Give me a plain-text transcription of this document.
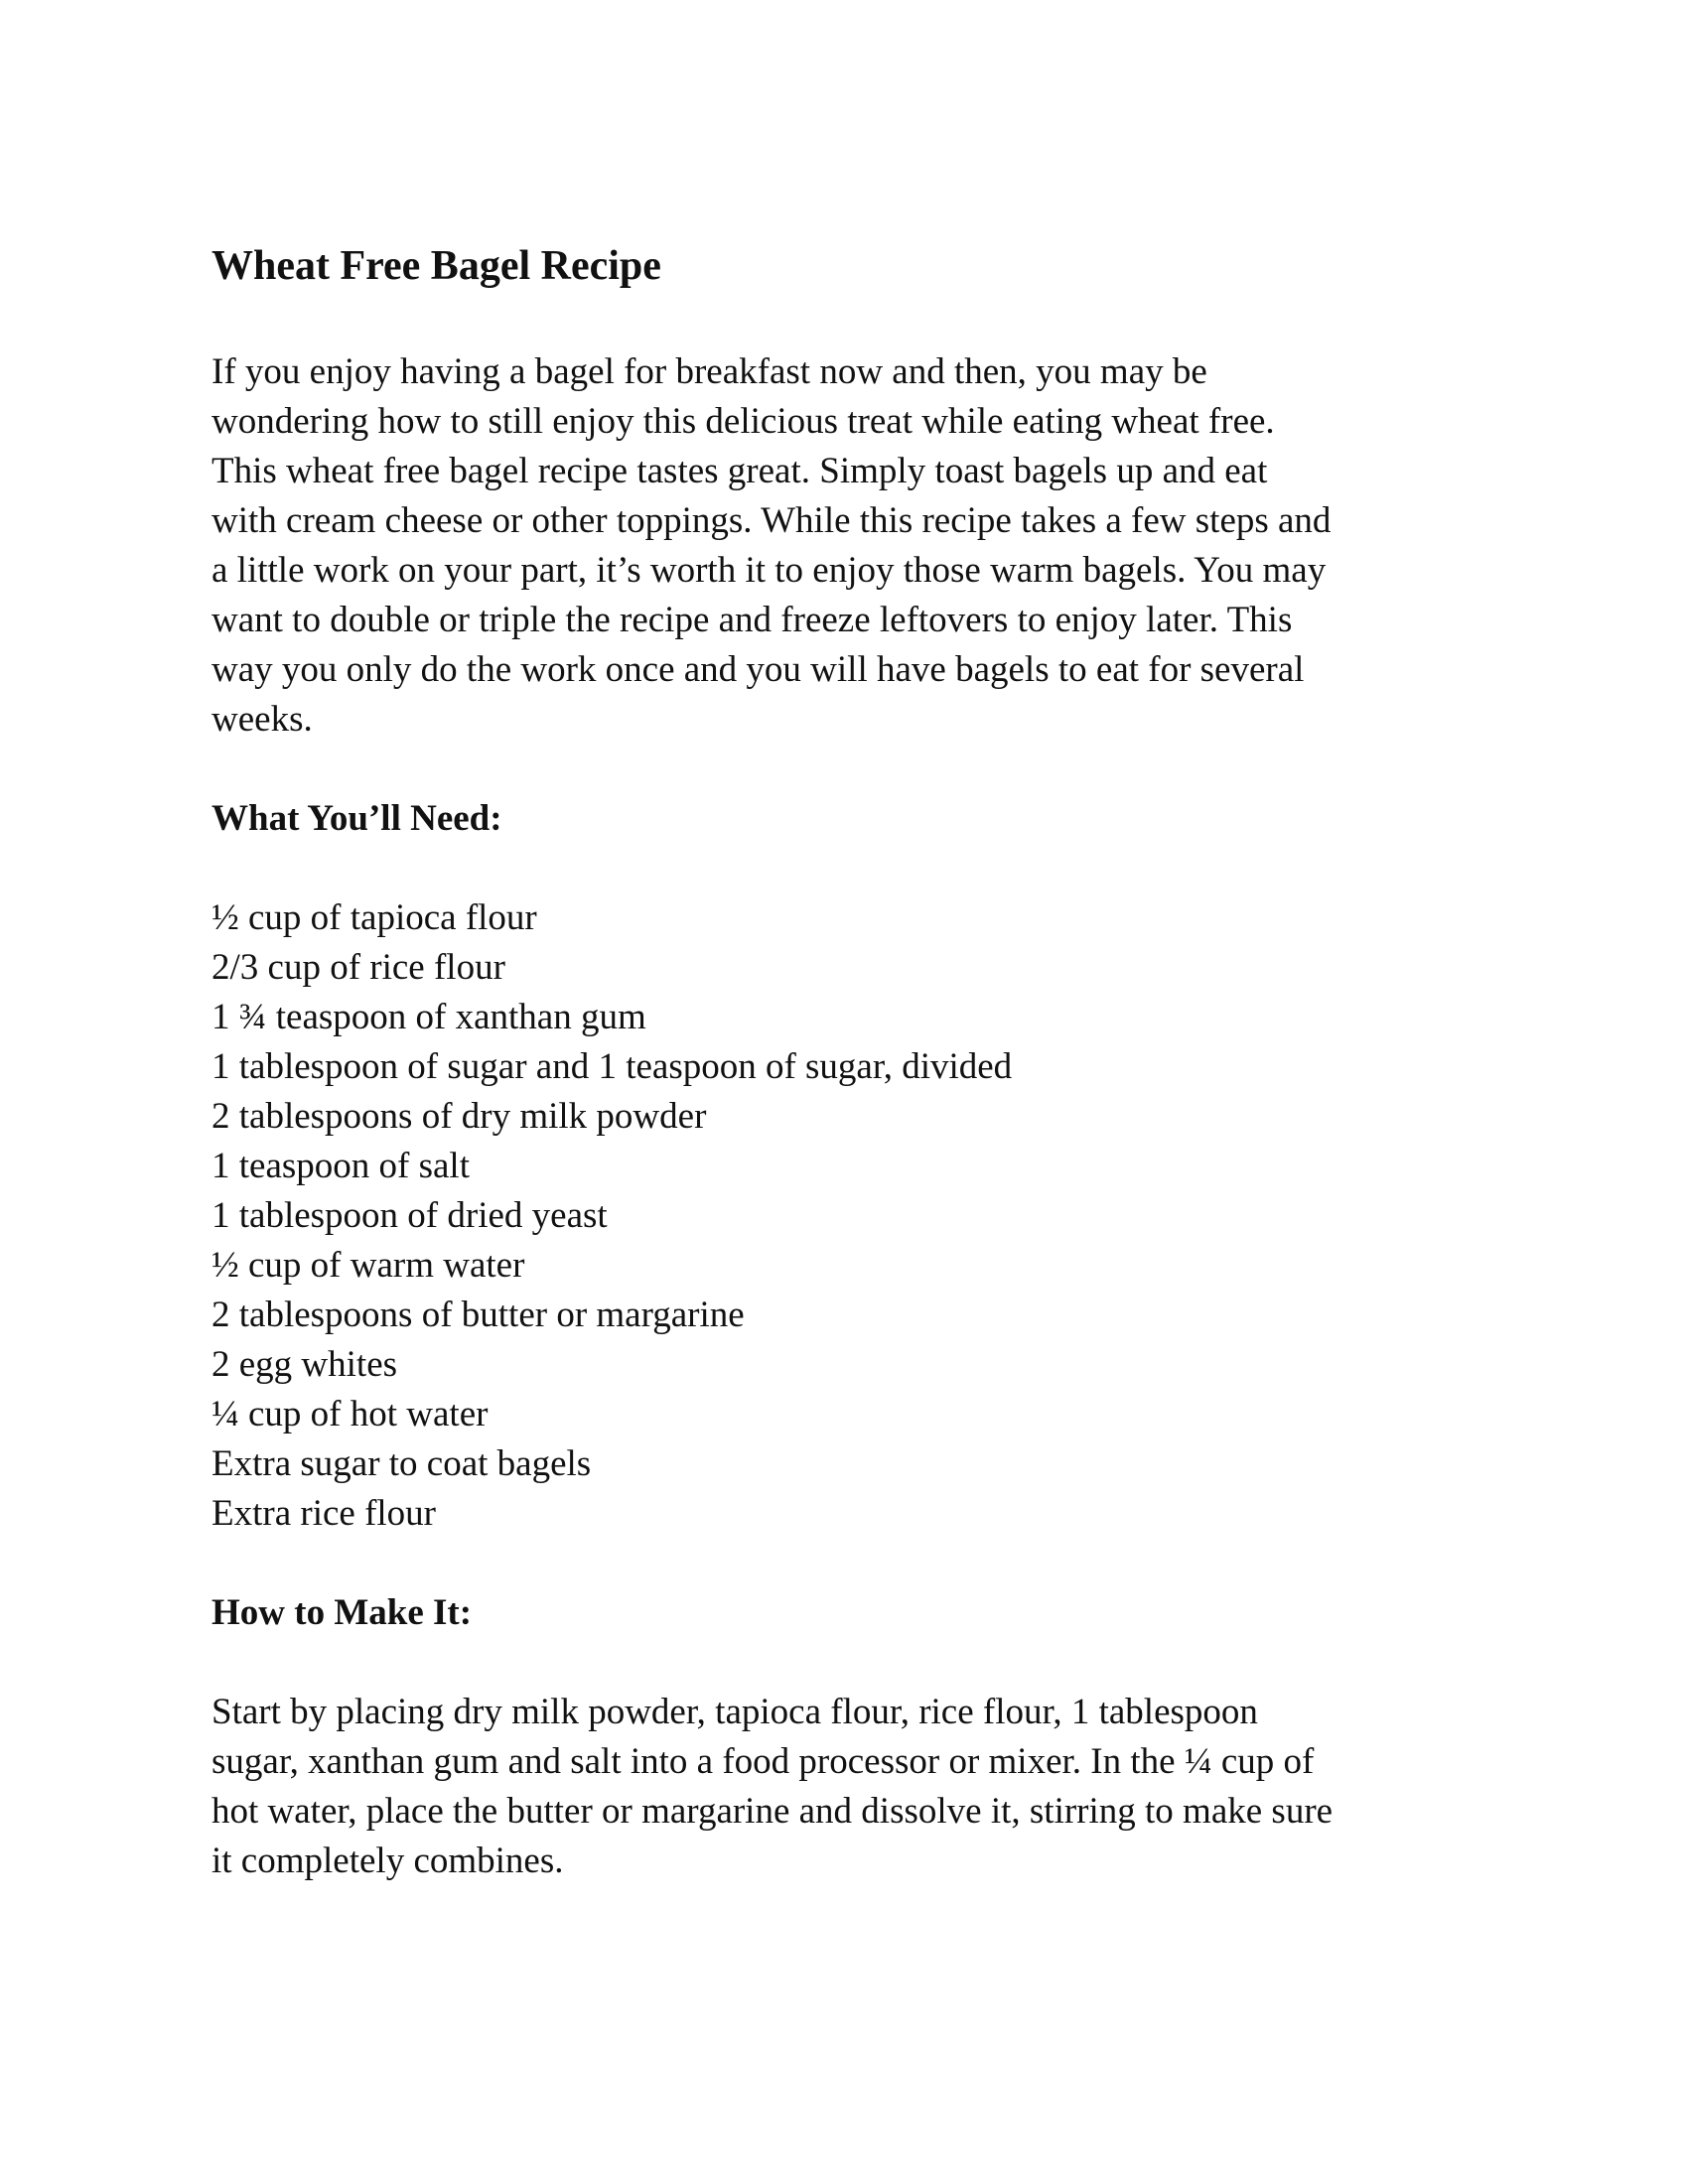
Wheat Free Bagel Recipe

If you enjoy having a bagel for breakfast now and then, you may be
wondering how to still enjoy this delicious treat while eating wheat free.
This wheat free bagel recipe tastes great. Simply toast bagels up and eat
with cream cheese or other toppings. While this recipe takes a few steps and
a little work on your part, it’s worth it to enjoy those warm bagels. You may
want to double or triple the recipe and freeze leftovers to enjoy later. This
way you only do the work once and you will have bagels to eat for several
weeks.

What You’ll Need:
½ cup of tapioca flour
2/3 cup of rice flour
1 ¾ teaspoon of xanthan gum
1 tablespoon of sugar and 1 teaspoon of sugar, divided
2 tablespoons of dry milk powder
1 teaspoon of salt
1 tablespoon of dried yeast
½ cup of warm water
2 tablespoons of butter or margarine
2 egg whites
¼ cup of hot water
Extra sugar to coat bagels
Extra rice flour
How to Make It:

Start by placing dry milk powder, tapioca flour, rice flour, 1 tablespoon
sugar, xanthan gum and salt into a food processor or mixer. In the ¼ cup of
hot water, place the butter or margarine and dissolve it, stirring to make sure
it completely combines.
